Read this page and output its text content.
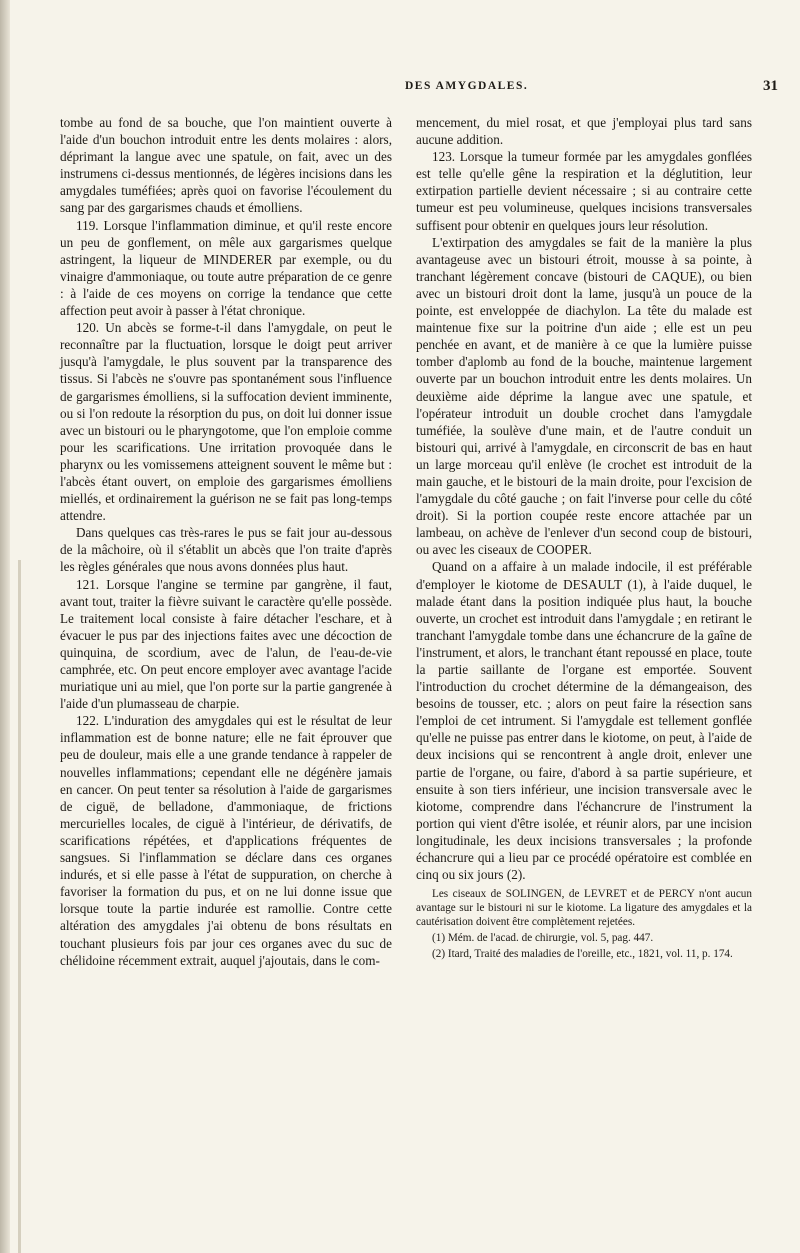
DES AMYGDALES.	31

tombe au fond de sa bouche, que l'on maintient ouverte à l'aide d'un bouchon introduit entre les dents molaires : alors, déprimant la langue avec une spatule, on fait, avec un des instrumens ci-dessus mentionnés, de légères incisions dans les amygdales tuméfiées; après quoi on favorise l'écoulement du sang par des gargarismes chauds et émolliens.

119. Lorsque l'inflammation diminue, et qu'il reste encore un peu de gonflement, on mêle aux gargarismes quelque astringent, la liqueur de MINDERER par exemple, ou du vinaigre d'ammoniaque, ou toute autre préparation de ce genre : à l'aide de ces moyens on corrige la tendance que cette affection peut avoir à passer à l'état chronique.

120. Un abcès se forme-t-il dans l'amygdale, on peut le reconnaître par la fluctuation, lorsque le doigt peut arriver jusqu'à l'amygdale, le plus souvent par la transparence des tissus. Si l'abcès ne s'ouvre pas spontanément sous l'influence de gargarismes émolliens, si la suffocation devient imminente, ou si l'on redoute la résorption du pus, on doit lui donner issue avec un bistouri ou le pharyngotome, que l'on emploie comme pour les scarifications. Une irritation provoquée dans le pharynx ou les vomissemens atteignent souvent le même but : l'abcès étant ouvert, on emploie des gargarismes émolliens miellés, et ordinairement la guérison ne se fait pas long-temps attendre.

Dans quelques cas très-rares le pus se fait jour au-dessous de la mâchoire, où il s'établit un abcès que l'on traite d'après les règles générales que nous avons données plus haut.

121. Lorsque l'angine se termine par gangrène, il faut, avant tout, traiter la fièvre suivant le caractère qu'elle possède. Le traitement local consiste à faire détacher l'eschare, et à évacuer le pus par des injections faites avec une décoction de quinquina, de scordium, avec de l'alun, de l'eau-de-vie camphrée, etc. On peut encore employer avec avantage l'acide muriatique uni au miel, que l'on porte sur la partie gangrenée à l'aide d'un plumasseau de charpie.

122. L'induration des amygdales qui est le résultat de leur inflammation est de bonne nature; elle ne fait éprouver que peu de douleur, mais elle a une grande tendance à rappeler de nouvelles inflammations; cependant elle ne dégénère jamais en cancer. On peut tenter sa résolution à l'aide de gargarismes de ciguë, de belladone, d'ammoniaque, de frictions mercurielles locales, de ciguë à l'intérieur, de dérivatifs, de scarifications répétées, et d'applications fréquentes de sangsues. Si l'inflammation se déclare dans ces organes indurés, et si elle passe à l'état de suppuration, on cherche à favoriser la formation du pus, et on ne lui donne issue que lorsque toute la partie indurée est ramollie. Contre cette altération des amygdales j'ai obtenu de bons résultats en touchant plusieurs fois par jour ces organes avec du suc de chélidoine récemment extrait, auquel j'ajoutais, dans le com-

mencement, du miel rosat, et que j'employai plus tard sans aucune addition.

123. Lorsque la tumeur formée par les amygdales gonflées est telle qu'elle gêne la respiration et la déglutition, leur extirpation partielle devient nécessaire ; si au contraire cette tumeur est peu volumineuse, quelques incisions transversales suffisent pour obtenir en quelques jours leur résolution.

L'extirpation des amygdales se fait de la manière la plus avantageuse avec un bistouri étroit, mousse à sa pointe, à tranchant légèrement concave (bistouri de CAQUE), ou bien avec un bistouri droit dont la lame, jusqu'à un pouce de la pointe, est enveloppée de diachylon. La tête du malade est maintenue fixe sur la poitrine d'un aide ; elle est un peu penchée en avant, et de manière à ce que la lumière puisse tomber d'aplomb au fond de la bouche, maintenue largement ouverte par un bouchon introduit entre les dents molaires. Un deuxième aide déprime la langue avec une spatule, et l'opérateur introduit un double crochet dans l'amygdale tuméfiée, la soulève d'une main, et de l'autre conduit un bistouri qui, arrivé à l'amygdale, en circonscrit de bas en haut un large morceau qu'il enlève (le crochet est introduit de la main gauche, et le bistouri de la main droite, pour l'excision de l'amygdale du côté gauche ; on fait l'inverse pour celle du côté droit). Si la portion coupée reste encore attachée par un lambeau, on achève de l'enlever d'un second coup de bistouri, ou avec les ciseaux de COOPER.

Quand on a affaire à un malade indocile, il est préférable d'employer le kiotome de DESAULT (1), à l'aide duquel, le malade étant dans la position indiquée plus haut, la bouche ouverte, un crochet est introduit dans l'amygdale ; en retirant le tranchant l'amygdale tombe dans une échancrure de la gaîne de l'instrument, et alors, le tranchant étant repoussé en place, toute la partie saillante de l'organe est emportée. Souvent l'introduction du crochet détermine de la démangeaison, des besoins de tousser, etc. ; alors on peut faire la résection sans l'emploi de cet intrument. Si l'amygdale est tellement gonflée qu'elle ne puisse pas entrer dans le kiotome, on peut, à l'aide de deux incisions qui se rencontrent à angle droit, enlever une partie de l'organe, ou faire, d'abord à sa partie supérieure, et ensuite à son tiers inférieur, une incision transversale avec le kiotome, comprendre dans l'échancrure de l'instrument la portion qui vient d'être isolée, et réunir alors, par une incision longitudinale, les deux incisions transversales ; la profonde échancrure qui a lieu par ce procédé opératoire est comblée en cinq ou six jours (2).

Les ciseaux de SOLINGEN, de LEVRET et de PERCY n'ont aucun avantage sur le bistouri ni sur le kiotome. La ligature des amygdales et la cautérisation doivent être complètement rejetées.

(1) Mém. de l'acad. de chirurgie, vol. 5, pag. 447.

(2) Itard, Traité des maladies de l'oreille, etc., 1821, vol. 11, p. 174.
